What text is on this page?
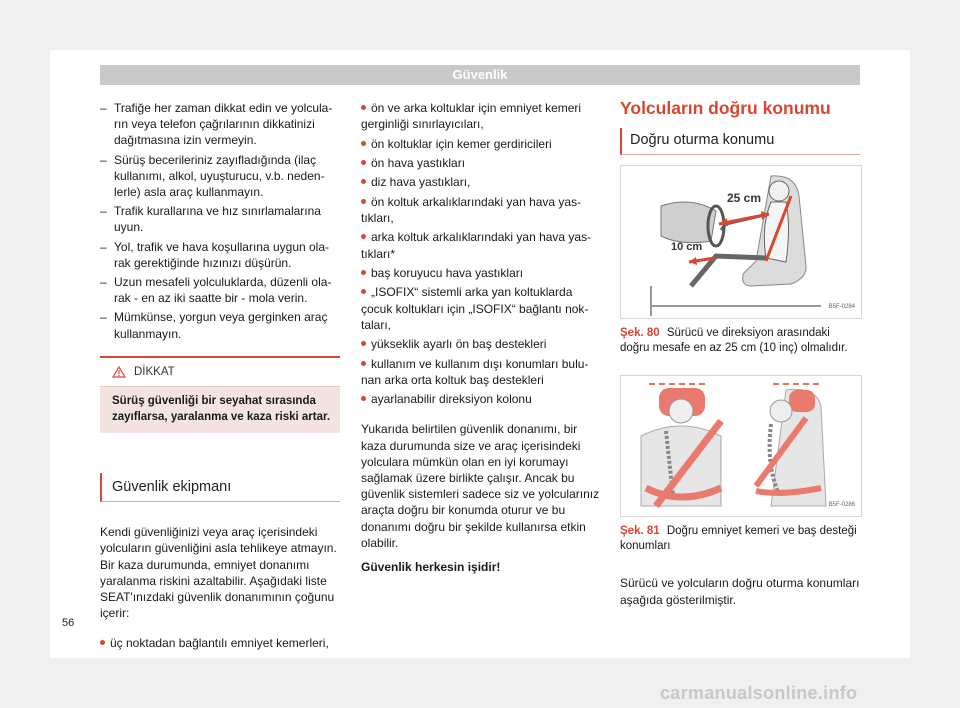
Güvenlik
– Trafiğe her zaman dikkat edin ve yolcuların veya telefon çağrılarının dikkatinizi dağıtmasına izin vermeyin.
– Sürüş becerileriniz zayıfladığında (ilaç kullanımı, alkol, uyuşturucu, v.b. nedenlerle) asla araç kullanmayın.
– Trafik kurallarına ve hız sınırlamalarına uyun.
– Yol, trafik ve hava koşullarına uygun olarak gerektiğinde hızınızı düşürün.
– Uzun mesafeli yolculuklarda, düzenli olarak - en az iki saatte bir - mola verin.
– Mümkünse, yorgun veya gerginken araç kullanmayın.
DİKKAT
Sürüş güvenliği bir seyahat sırasında zayıflarsa, yaralanma ve kaza riski artar.
Güvenlik ekipmanı
Kendi güvenliğinizi veya araç içerisindeki yolcuların güvenliğini asla tehlikeye atmayın. Bir kaza durumunda, emniyet donanımı yaralanma riskini azaltabilir. Aşağıdaki liste SEAT'ınızdaki güvenlik donanımının çoğunu içerir:
üç noktadan bağlantılı emniyet kemerleri,
ön ve arka koltuklar için emniyet kemeri gerginliği sınırlayıcıları,
ön koltuklar için kemer gerdiricileri
ön hava yastıkları
diz hava yastıkları,
ön koltuk arkalıklarındaki yan hava yastıkları,
arka koltuk arkalıklarındaki yan hava yastıkları*
baş koruyucu hava yastıkları
„ISOFIX“ sistemli arka yan koltuklarda çocuk koltukları için „ISOFIX“ bağlantı noktaları,
yükseklik ayarlı ön baş destekleri
kullanım ve kullanım dışı konumları bulunan arka orta koltuk baş destekleri
ayarlanabilir direksiyon kolonu
Yukarıda belirtilen güvenlik donanımı, bir kaza durumunda size ve araç içerisindeki yolculara mümkün olan en iyi korumayı sağlamak üzere birlikte çalışır. Ancak bu güvenlik sistemleri sadece siz ve yolcularınız araçta doğru bir konumda oturur ve bu donanımı doğru bir şekilde kullanırsa etkin olabilir.
Güvenlik herkesin işidir!
Yolcuların doğru konumu
Doğru oturma konumu
25 cm
10 cm
B5F-0284
Şek. 80 Sürücü ve direksiyon arasındaki doğru mesafe en az 25 cm (10 inç) olmalıdır.
B5F-0286
Şek. 81 Doğru emniyet kemeri ve baş desteği konumları
Sürücü ve yolcuların doğru oturma konumları aşağıda gösterilmiştir.
56
carmanualsonline.info
